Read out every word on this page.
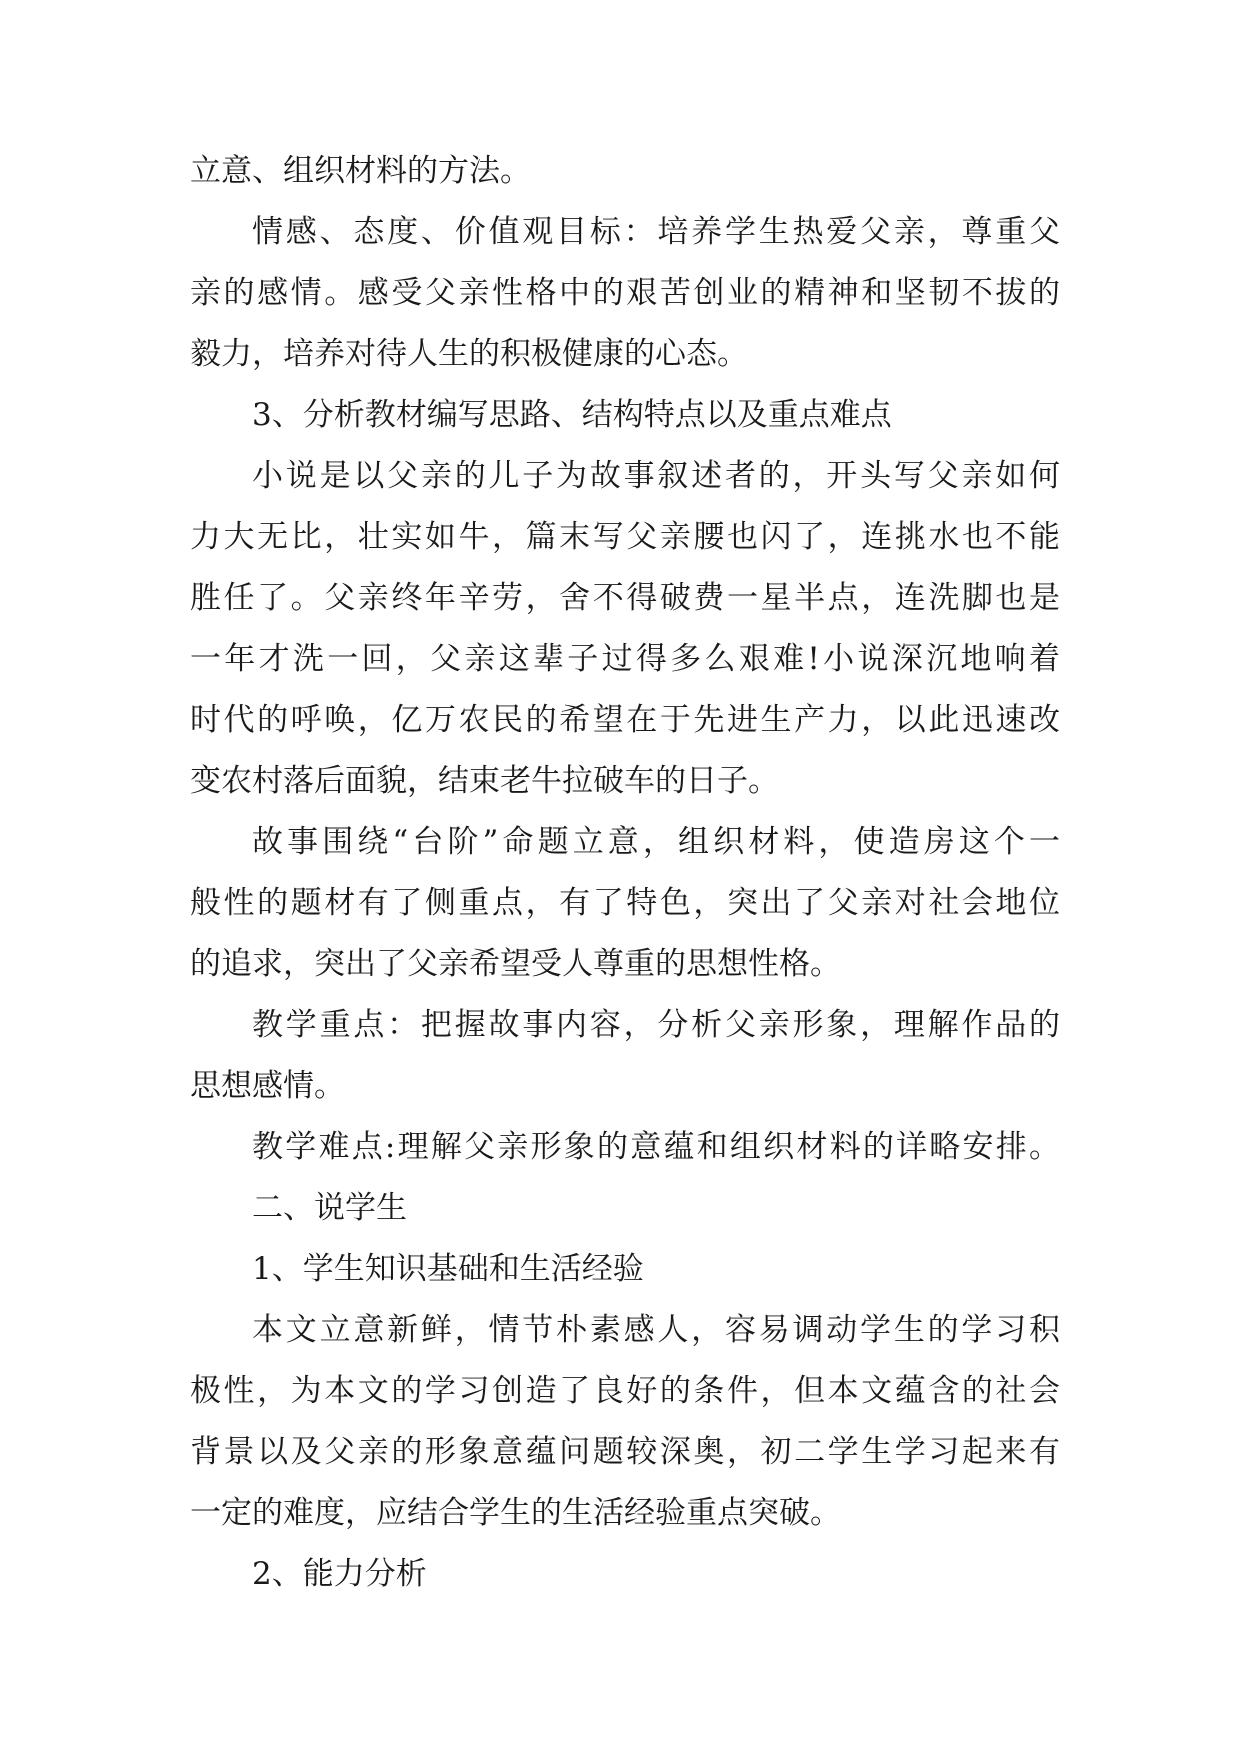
立意、组织材料的方法。
情感、态度、价值观目标：培养学生热爱父亲，尊重父
亲的感情。感受父亲性格中的艰苦创业的精神和坚韧不拔的
毅力，培养对待人生的积极健康的心态。
3、分析教材编写思路、结构特点以及重点难点
小说是以父亲的儿子为故事叙述者的，开头写父亲如何
力大无比，壮实如牛，篇末写父亲腰也闪了，连挑水也不能
胜任了。父亲终年辛劳，舍不得破费一星半点，连洗脚也是
一年才洗一回，父亲这辈子过得多么艰难!小说深沉地响着
时代的呼唤，亿万农民的希望在于先进生产力，以此迅速改
变农村落后面貌，结束老牛拉破车的日子。
故事围绕“台阶”命题立意，组织材料，使造房这个一
般性的题材有了侧重点，有了特色，突出了父亲对社会地位
的追求，突出了父亲希望受人尊重的思想性格。
教学重点：把握故事内容，分析父亲形象，理解作品的
思想感情。
教学难点:理解父亲形象的意蕴和组织材料的详略安排。
二、说学生
1、学生知识基础和生活经验
本文立意新鲜，情节朴素感人，容易调动学生的学习积
极性，为本文的学习创造了良好的条件，但本文蕴含的社会
背景以及父亲的形象意蕴问题较深奥，初二学生学习起来有
一定的难度，应结合学生的生活经验重点突破。
2、能力分析
